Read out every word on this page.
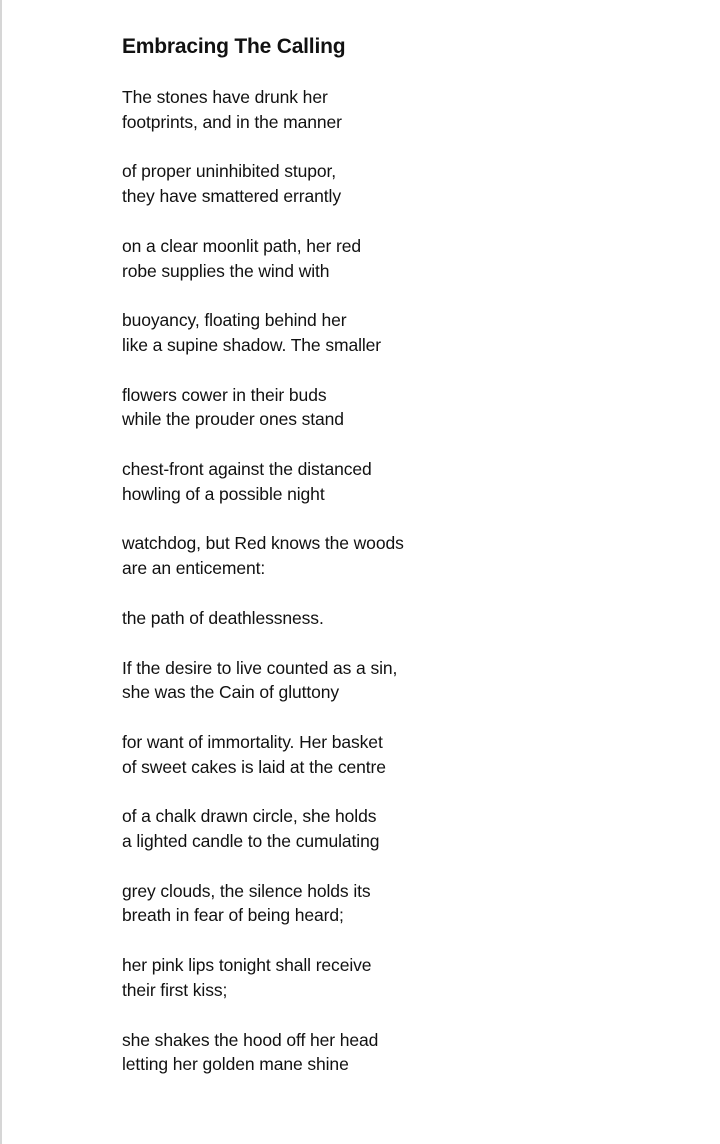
Embracing The Calling
The stones have drunk her
footprints, and in the manner
of proper uninhibited stupor,
they have smattered errantly
on a clear moonlit path, her red
robe supplies the wind with
buoyancy, floating behind her
like a supine shadow. The smaller
flowers cower in their buds
while the prouder ones stand
chest-front against the distanced
howling of a possible night
watchdog, but Red knows the woods
are an enticement:
the path of deathlessness.
If the desire to live counted as a sin,
she was the Cain of gluttony
for want of immortality. Her basket
of sweet cakes is laid at the centre
of a chalk drawn circle, she holds
a lighted candle to the cumulating
grey clouds, the silence holds its
breath in fear of being heard;
her pink lips tonight shall receive
their first kiss;
she shakes the hood off her head
letting her golden mane shine
